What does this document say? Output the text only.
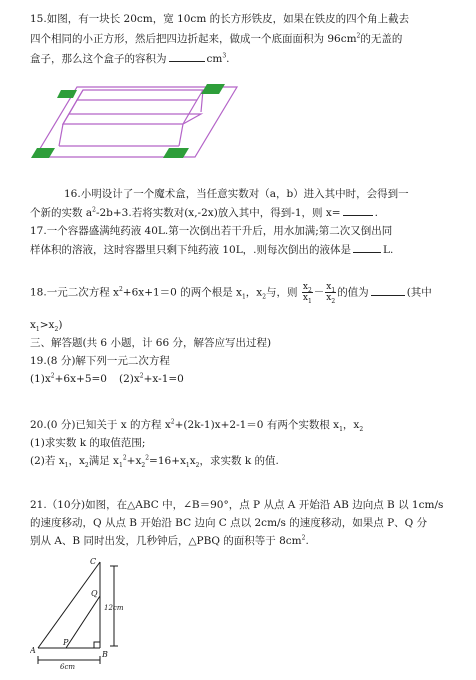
15.如图，有一块长 20cm，宽 10cm 的长方形铁皮，如果在铁皮的四个角上截去
四个相同的小正方形，然后把四边折起来，做成一个底面面积为 $96cm^2$的无盖的
盒子，那么这个盒子的容积为	$cm^3$.
16.小明设计了一个魔术盒，当任意实数对（a，b）进入其中时，会得到一
个新的实数 $a^2-2b+3$.若将实数对(x,-2x)放入其中，得到-1，则 x=	.
17.一个容器盛满纯药液 40L.第一次倒出若干升后，用水加满;第二次又倒出同
样体积的溶液，这时容器里只剩下纯药液 10L，.则每次倒出的液体是	L.
18.一元二次方程 $x^2+6x+1=0$ 的两个根是 $x_1$，$x_2$与，则 $\frac{x_2}{x_1} - \frac{x_1}{x_2}$ 的值为	(其中
$x_1>x_2$)
三、解答题(共 6 小题，计 66 分，解答应写出过程)
19.(8 分)解下列一元二次方程
$(1)x^2+6x+5=0$ $(2)x^2+x-1=0$
20.(0 分)已知关于 x 的方程 $x^2+(2k-1)x+2-1=0$ 有两个实数根 $x_1$，$x_2$
(1)求实数 k 的取值范围;
(2)若 $x_1$，$x_2$满足 $x_1^2+x_2^2=16+x_1x_2$，求实数 k 的值.
21.（10分)如图，在△ABC 中，∠B＝90°，点 P 从点 A 开始沿 AB 边向点 B 以 1cm/s
的速度移动，Q 从点 B 开始沿 BC 边向 C 点以 2cm/s 的速度移动，如果点 P、Q 分
别从 A、B 同时出发，几秒钟后，△PBQ 的面积等于 $8cm^2$.
C
Q
P
A	B
12cm
6cm
